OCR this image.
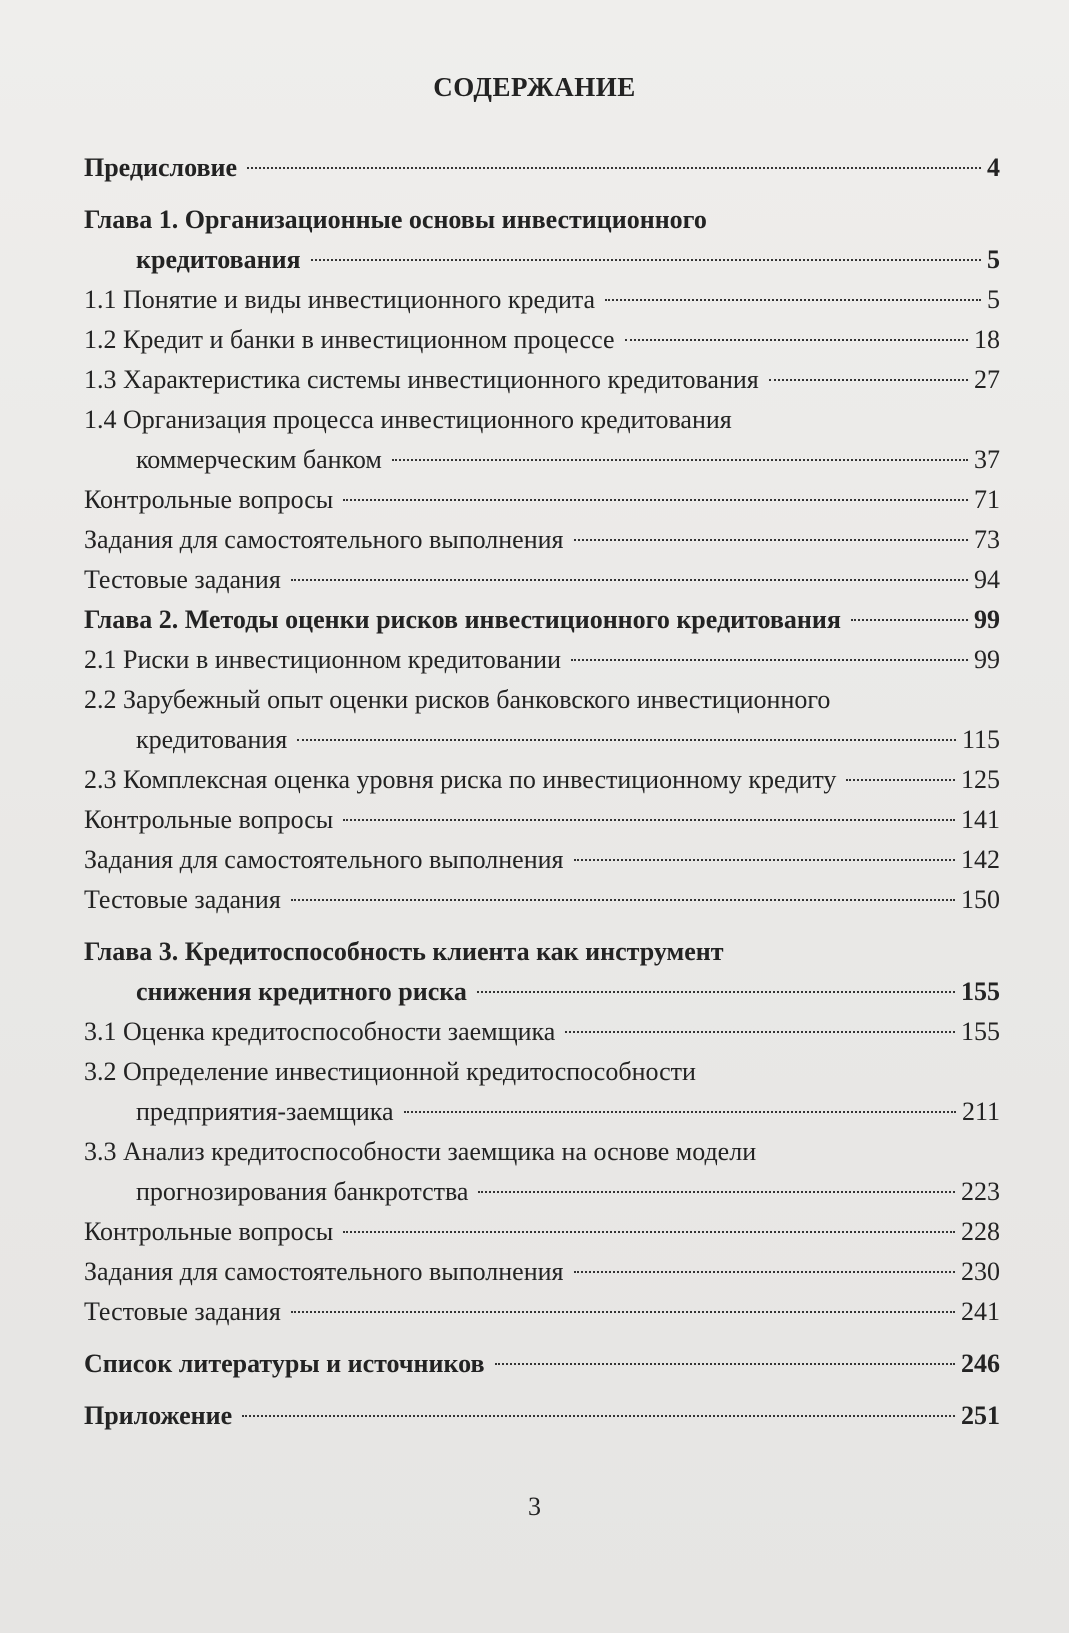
СОДЕРЖАНИЕ
Предисловие	4
Глава 1. Организационные основы инвестиционного
кредитования	5
1.1 Понятие и виды инвестиционного кредита	5
1.2 Кредит и банки в инвестиционном процессе	18
1.3 Характеристика системы инвестиционного кредитования	27
1.4 Организация процесса инвестиционного кредитования
коммерческим банком	37
Контрольные вопросы	71
Задания для самостоятельного выполнения	73
Тестовые задания	94
Глава 2. Методы оценки рисков инвестиционного кредитования	99
2.1 Риски в инвестиционном кредитовании	99
2.2 Зарубежный опыт оценки рисков банковского инвестиционного
кредитования	115
2.3 Комплексная оценка уровня риска по инвестиционному кредиту	125
Контрольные вопросы	141
Задания для самостоятельного выполнения	142
Тестовые задания	150
Глава 3. Кредитоспособность клиента как инструмент
снижения кредитного риска	155
3.1 Оценка кредитоспособности заемщика	155
3.2 Определение инвестиционной кредитоспособности
предприятия-заемщика	211
3.3 Анализ кредитоспособности заемщика на основе модели
прогнозирования банкротства	223
Контрольные вопросы	228
Задания для самостоятельного выполнения	230
Тестовые задания	241
Список литературы и источников	246
Приложение	251
3
